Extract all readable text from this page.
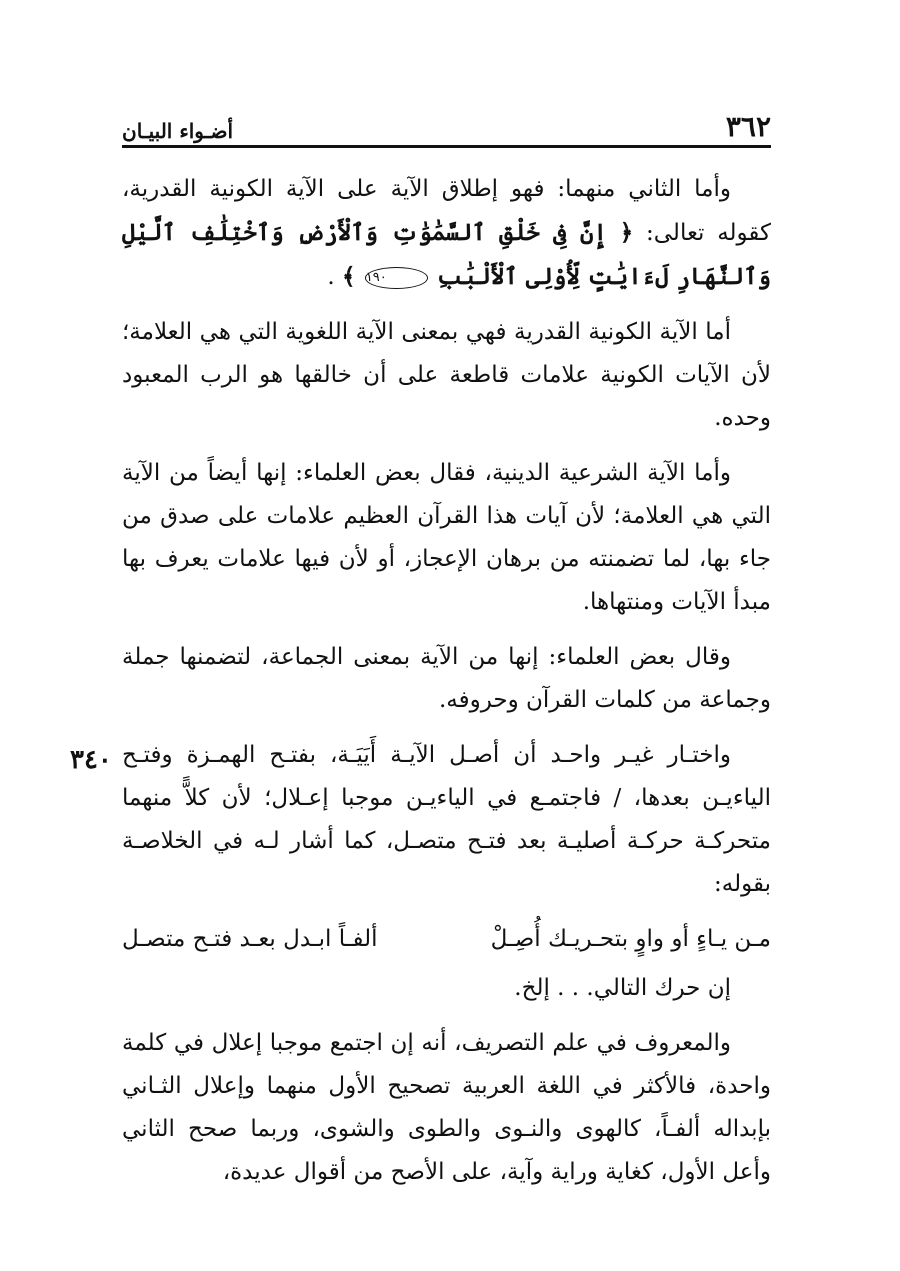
٣٦٢
أضـواء البيـان
٣٤٠

وأما الثاني منهما: فهو إطلاق الآية على الآية الكونية القدرية، كقوله تعالى: ﴿ إِنَّ فِى خَلْقِ ٱلسَّمَٰوَٰتِ وَٱلْأَرْضِ وَٱخْتِلَٰفِ ٱلَّيْلِ وَٱلنَّهَارِ لَءَايَٰتٍ لِّأُوْلِى ٱلْأَلْبَٰبِ ١٩٠ ﴾ .

أما الآية الكونية القدرية فهي بمعنى الآية اللغوية التي هي العلامة؛ لأن الآيات الكونية علامات قاطعة على أن خالقها هو الرب المعبود وحده.

وأما الآية الشرعية الدينية، فقال بعض العلماء: إنها أيضاً من الآية التي هي العلامة؛ لأن آيات هذا القرآن العظيم علامات على صدق من جاء بها، لما تضمنته من برهان الإعجاز، أو لأن فيها علامات يعرف بها مبدأ الآيات ومنتهاها.

وقال بعض العلماء: إنها من الآية بمعنى الجماعة، لتضمنها جملة وجماعة من كلمات القرآن وحروفه.

واختـار غيـر واحـد أن أصـل الآيـة أَيَيَـة، بفتـح الهمـزة وفتـح الياءيـن بعدها، / فاجتمـع في الياءيـن موجبا إعـلال؛ لأن كلاًّ منهما متحركـة حركـة أصليـة بعد فتـح متصـل، كما أشار لـه في الخلاصـة بقوله:

مـن يـاءٍ أو واوٍ بتحـريـك أُصِـلْ
ألفـاً ابـدل بعـد فتـح متصـل
إن حرك التالي. . . إلخ.

والمعروف في علم التصريف، أنه إن اجتمع موجبا إعلال في كلمة واحدة، فالأكثر في اللغة العربية تصحيح الأول منهما وإعلال الثـاني بإبداله ألفـاً، كالهوى والنـوى والطوى والشوى، وربما صحح الثاني وأعل الأول، كغاية وراية وآية، على الأصح من أقوال عديدة،
